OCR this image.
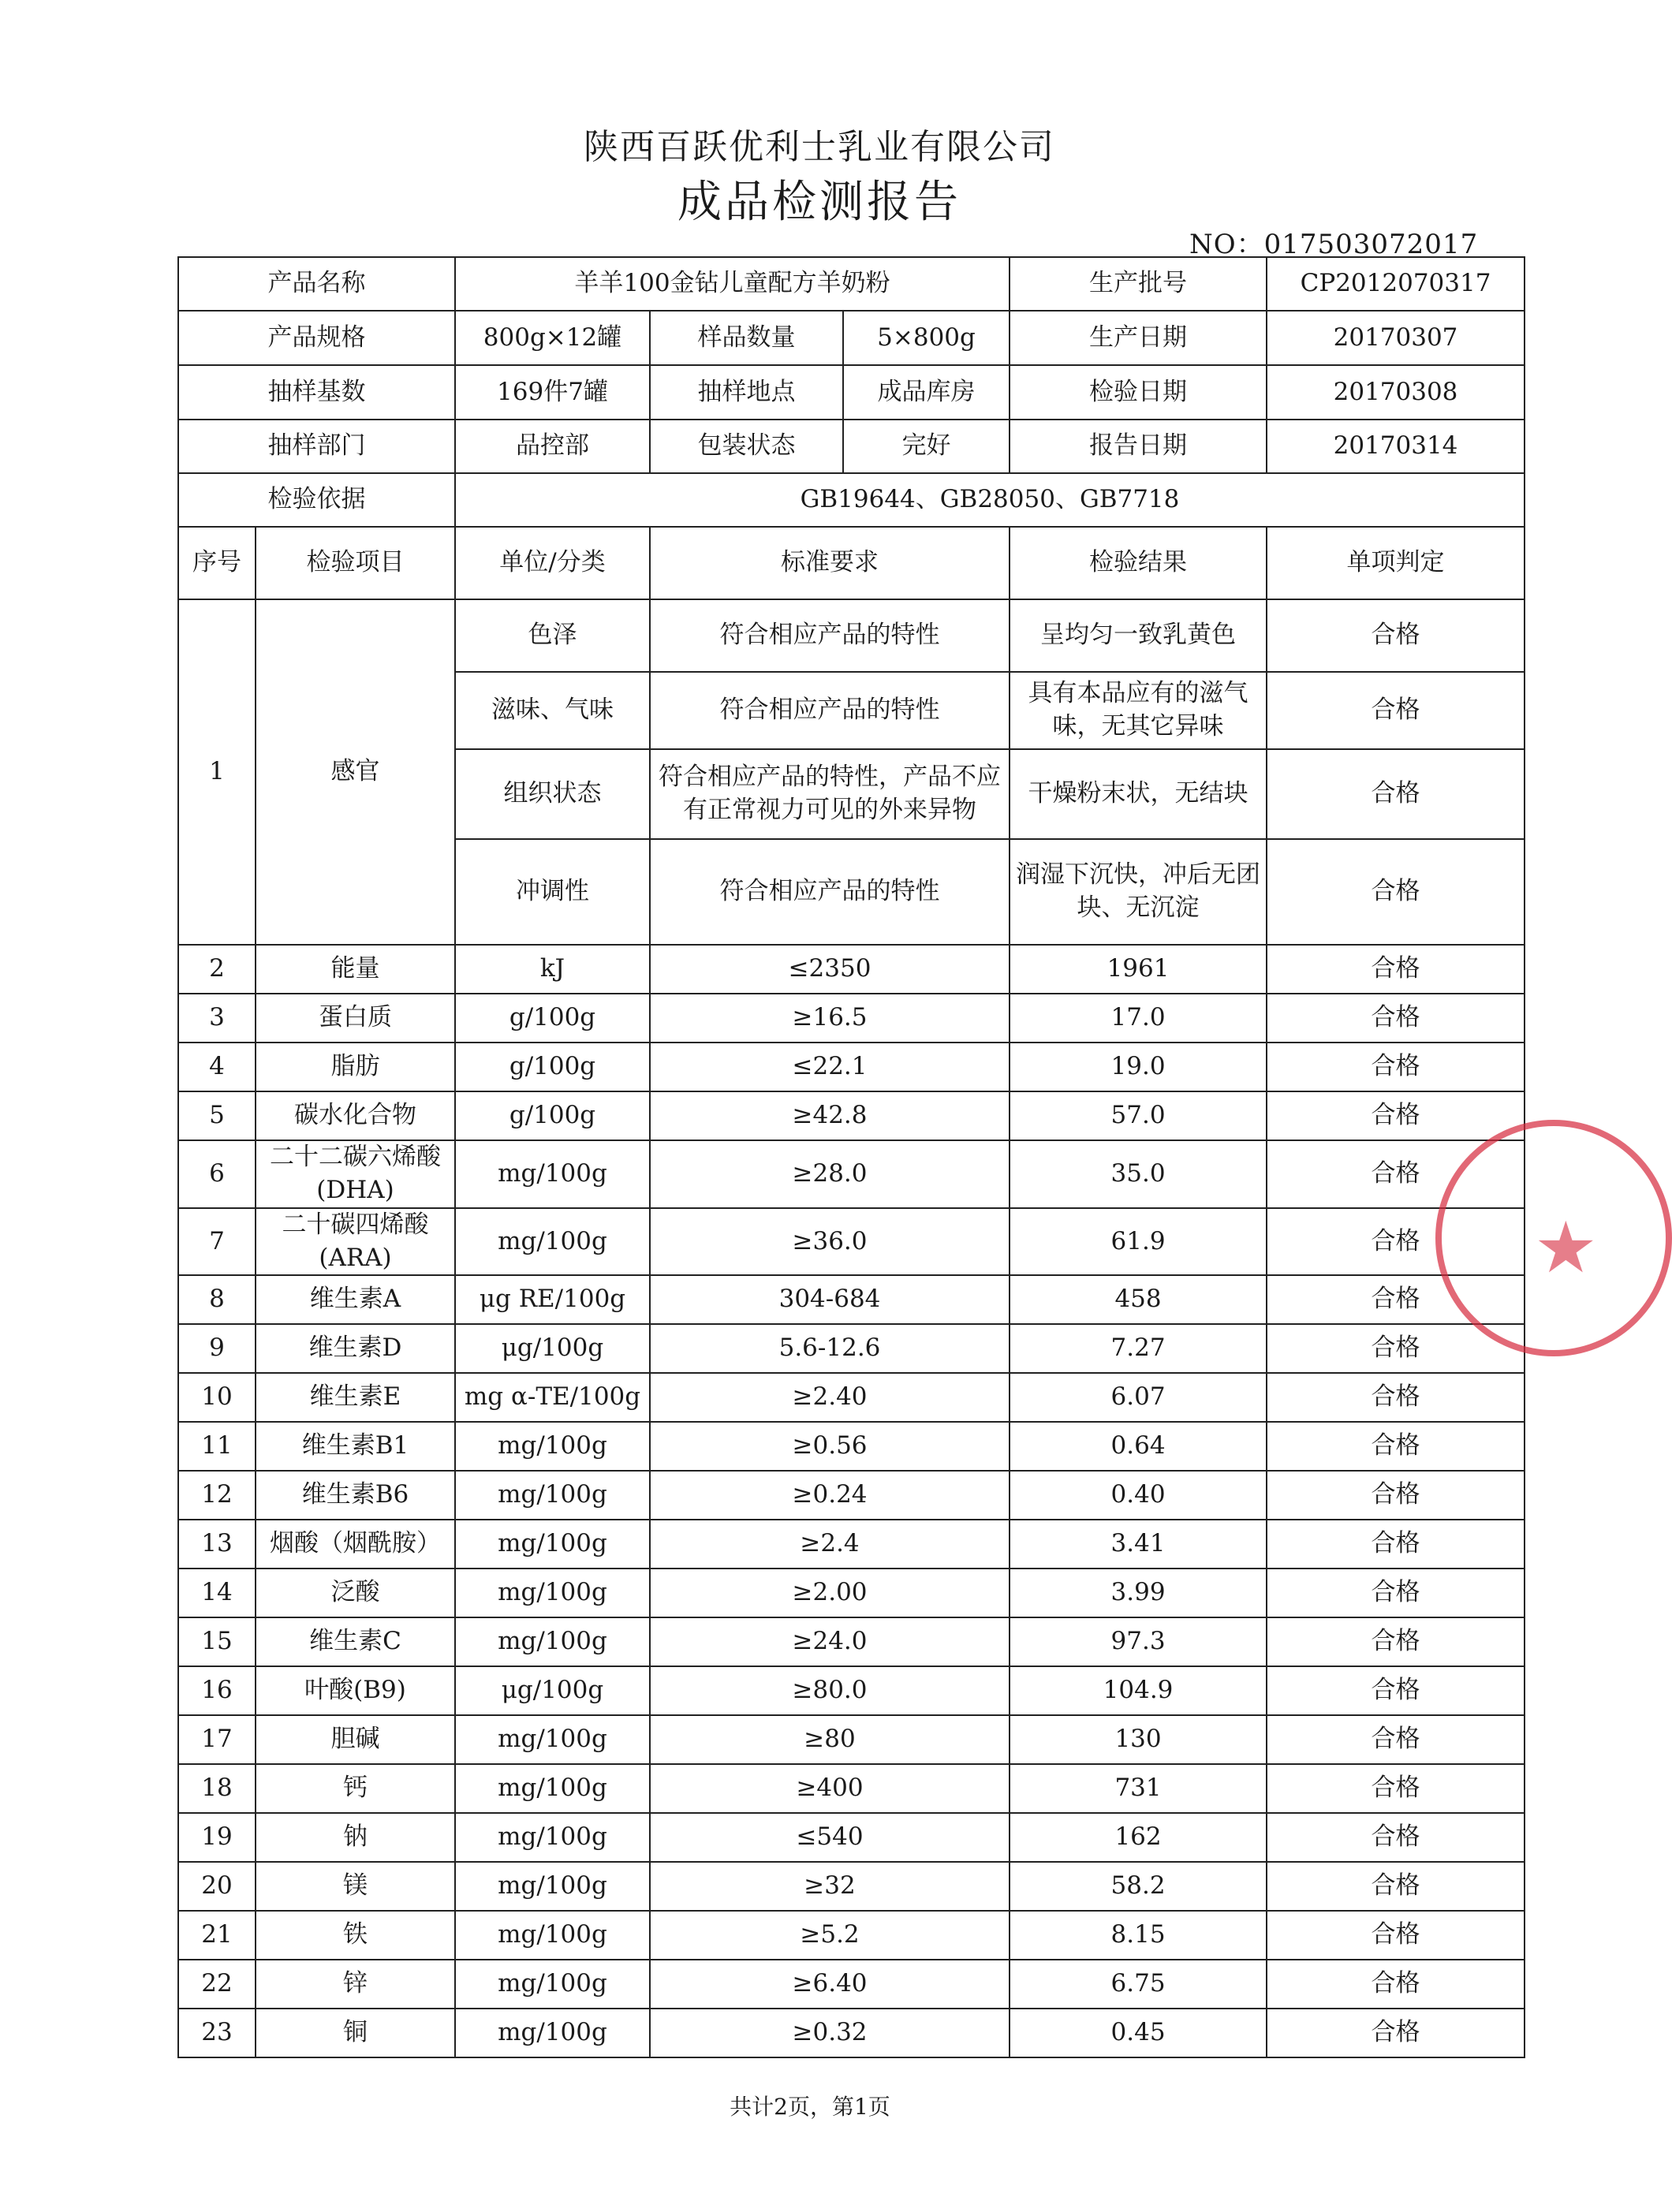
陕西百跃优利士乳业有限公司
成品检测报告
NO：017503072017
产品名称		羊羊100金钻儿童配方羊奶粉			生产批号	CP2012070317
产品规格		800g×12罐	样品数量	5×800g	生产日期	20170307
抽样基数		169件7罐	抽样地点	成品库房	检验日期	20170308
抽样部门		品控部	包装状态	完好	报告日期	20170314
检验依据		GB19644、GB28050、GB7718				
序号	检验项目	单位/分类	标准要求		检验结果	单项判定
1	感官	色泽	符合相应产品的特性		呈均匀一致乳黄色	合格
		滋味、气味	符合相应产品的特性		具有本品应有的滋气味，无其它异味	合格
		组织状态	符合相应产品的特性，产品不应有正常视力可见的外来异物		干燥粉末状，无结块	合格
		冲调性	符合相应产品的特性		润湿下沉快，冲后无团块、无沉淀	合格
2	能量	kJ	≤2350		1961	合格
3	蛋白质	g/100g	≥16.5		17.0	合格
4	脂肪	g/100g	≤22.1		19.0	合格
5	碳水化合物	g/100g	≥42.8		57.0	合格
6	二十二碳六烯酸(DHA)	mg/100g	≥28.0		35.0	合格
7	二十碳四烯酸(ARA)	mg/100g	≥36.0		61.9	合格
8	维生素A	μg RE/100g	304-684		458	合格
9	维生素D	μg/100g	5.6-12.6		7.27	合格
10	维生素E	mg α-TE/100g	≥2.40		6.07	合格
11	维生素B1	mg/100g	≥0.56		0.64	合格
12	维生素B6	mg/100g	≥0.24		0.40	合格
13	烟酸（烟酰胺）	mg/100g	≥2.4		3.41	合格
14	泛酸	mg/100g	≥2.00		3.99	合格
15	维生素C	mg/100g	≥24.0		97.3	合格
16	叶酸(B9)	μg/100g	≥80.0		104.9	合格
17	胆碱	mg/100g	≥80		130	合格
18	钙	mg/100g	≥400		731	合格
19	钠	mg/100g	≤540		162	合格
20	镁	mg/100g	≥32		58.2	合格
21	铁	mg/100g	≥5.2		8.15	合格
22	锌	mg/100g	≥6.40		6.75	合格
23	铜	mg/100g	≥0.32		0.45	合格
★
共计2页，第1页
